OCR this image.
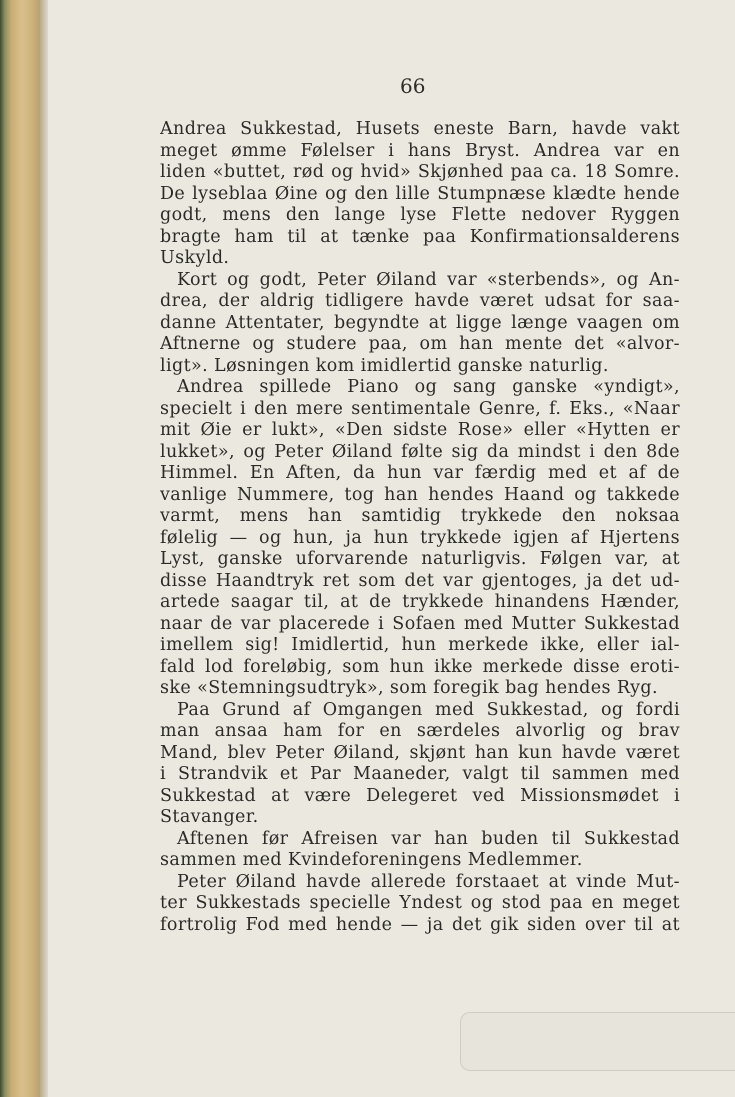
66
Andrea Sukkestad, Husets eneste Barn, havde vakt
meget ømme Følelser i hans Bryst. Andrea var en
liden «buttet, rød og hvid» Skjønhed paa ca. 18 Somre.
De lyseblaa Øine og den lille Stumpnæse klædte hende
godt, mens den lange lyse Flette nedover Ryggen
bragte ham til at tænke paa Konfirmationsalderens
Uskyld.
Kort og godt, Peter Øiland var «sterbends», og An-
drea, der aldrig tidligere havde været udsat for saa-
danne Attentater, begyndte at ligge længe vaagen om
Aftnerne og studere paa, om han mente det «alvor-
ligt». Løsningen kom imidlertid ganske naturlig.
Andrea spillede Piano og sang ganske «yndigt»,
specielt i den mere sentimentale Genre, f. Eks., «Naar
mit Øie er lukt», «Den sidste Rose» eller «Hytten er
lukket», og Peter Øiland følte sig da mindst i den 8de
Himmel. En Aften, da hun var færdig med et af de
vanlige Nummere, tog han hendes Haand og takkede
varmt, mens han samtidig trykkede den noksaa
følelig — og hun, ja hun trykkede igjen af Hjertens
Lyst, ganske uforvarende naturligvis. Følgen var, at
disse Haandtryk ret som det var gjentoges, ja det ud-
artede saagar til, at de trykkede hinandens Hænder,
naar de var placerede i Sofaen med Mutter Sukkestad
imellem sig! Imidlertid, hun merkede ikke, eller ial-
fald lod foreløbig, som hun ikke merkede disse eroti-
ske «Stemningsudtryk», som foregik bag hendes Ryg.
Paa Grund af Omgangen med Sukkestad, og fordi
man ansaa ham for en særdeles alvorlig og brav
Mand, blev Peter Øiland, skjønt han kun havde været
i Strandvik et Par Maaneder, valgt til sammen med
Sukkestad at være Delegeret ved Missionsmødet i
Stavanger.
Aftenen før Afreisen var han buden til Sukkestad
sammen med Kvindeforeningens Medlemmer.
Peter Øiland havde allerede forstaaet at vinde Mut-
ter Sukkestads specielle Yndest og stod paa en meget
fortrolig Fod med hende — ja det gik siden over til at
